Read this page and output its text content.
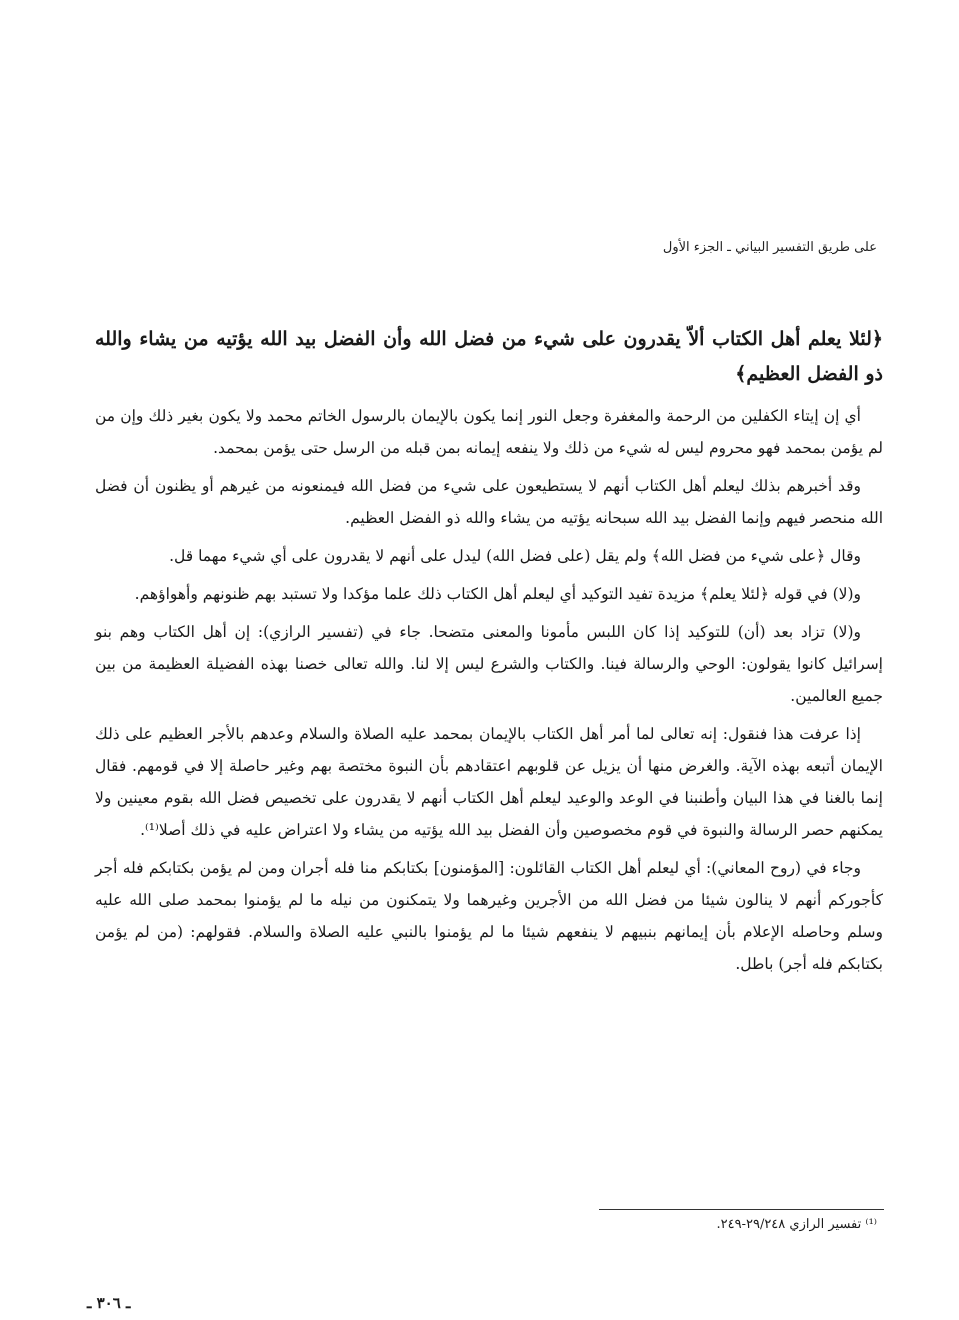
على طريق التفسير البياني ـ الجزء الأول

﴿لئلا يعلم أهل الكتاب ألاّ يقدرون على شيء من فضل الله وأن الفضل بيد الله يؤتيه من يشاء والله ذو الفضل العظيم﴾

أي إن إيتاء الكفلين من الرحمة والمغفرة وجعل النور إنما يكون بالإيمان بالرسول الخاتم محمد ولا يكون بغير ذلك وإن من لم يؤمن بمحمد فهو محروم ليس له شيء من ذلك ولا ينفعه إيمانه بمن قبله من الرسل حتى يؤمن بمحمد.

وقد أخبرهم بذلك ليعلم أهل الكتاب أنهم لا يستطيعون على شيء من فضل الله فيمنعونه من غيرهم أو يظنون أن فضل الله منحصر فيهم وإنما الفضل بيد الله سبحانه يؤتيه من يشاء والله ذو الفضل العظيم.

وقال ﴿على شيء من فضل الله﴾ ولم يقل (على فضل الله) ليدل على أنهم لا يقدرون على أي شيء مهما قل.

و(لا) في قوله ﴿لئلا يعلم﴾ مزيدة تفيد التوكيد أي ليعلم أهل الكتاب ذلك علما مؤكدا ولا تستبد بهم ظنونهم وأهواؤهم.

و(لا) تزاد بعد (أن) للتوكيد إذا كان اللبس مأمونا والمعنى متضحا. جاء في (تفسير الرازي): إن أهل الكتاب وهم بنو إسرائيل كانوا يقولون: الوحي والرسالة فينا. والكتاب والشرع ليس إلا لنا. والله تعالى خصنا بهذه الفضيلة العظيمة من بين جميع العالمين.

إذا عرفت هذا فنقول: إنه تعالى لما أمر أهل الكتاب بالإيمان بمحمد عليه الصلاة والسلام وعدهم بالأجر العظيم على ذلك الإيمان أتبعه بهذه الآية. والغرض منها أن يزيل عن قلوبهم اعتقادهم بأن النبوة مختصة بهم وغير حاصلة إلا في قومهم. فقال إنما بالغنا في هذا البيان وأطنبنا في الوعد والوعيد ليعلم أهل الكتاب أنهم لا يقدرون على تخصيص فضل الله بقوم معينين ولا يمكنهم حصر الرسالة والنبوة في قوم مخصوصين وأن الفضل بيد الله يؤتيه من يشاء ولا اعتراض عليه في ذلك أصلا⁽¹⁾.

وجاء في (روح المعاني): أي ليعلم أهل الكتاب القائلون: [المؤمنون] بكتابكم منا فله أجران ومن لم يؤمن بكتابكم فله أجر كأجوركم أنهم لا ينالون شيئا من فضل الله من الأجرين وغيرهما ولا يتمكنون من نيله ما لم يؤمنوا بمحمد صلى الله عليه وسلم وحاصله الإعلام بأن إيمانهم بنبيهم لا ينفعهم شيئا ما لم يؤمنوا بالنبي عليه الصلاة والسلام. فقولهم: (من لم يؤمن بكتابكم فله أجر) باطل.

⁽¹⁾ تفسير الرازي ٢٩/٢٤٨-٢٤٩.
ـ ٣٠٦ ـ
